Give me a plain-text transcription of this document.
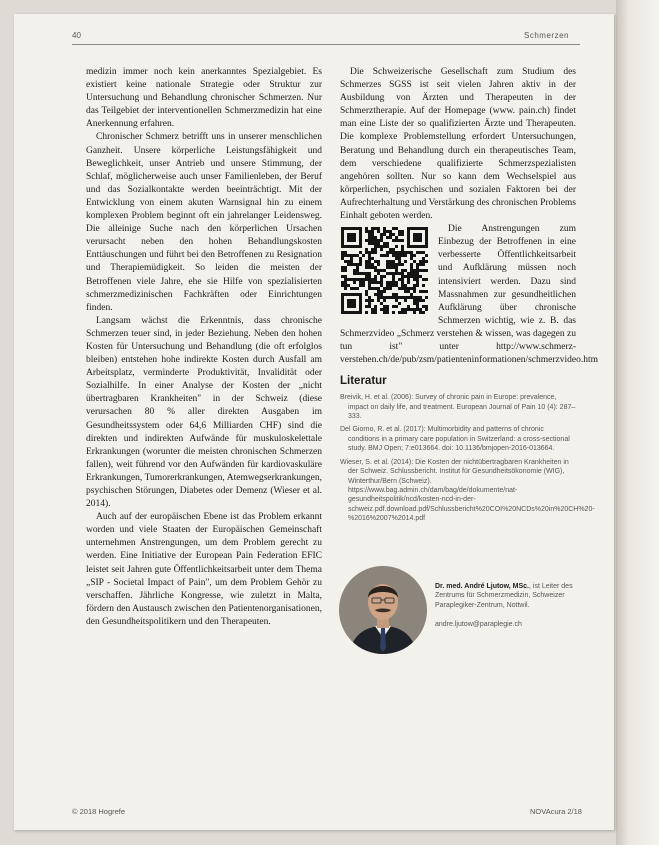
40	Schmerzen

medizin immer noch kein anerkanntes Spezialgebiet. Es existiert keine nationale Strategie oder Struktur zur Untersuchung und Behandlung chronischer Schmerzen. Nur das Teilgebiet der interventionellen Schmerzmedizin hat eine Anerkennung erfahren.

Chronischer Schmerz betrifft uns in unserer menschlichen Ganzheit. Unsere körperliche Leistungsfähigkeit und Beweglichkeit, unser Antrieb und unsere Stimmung, der Schlaf, möglicherweise auch unser Familienleben, der Beruf und das Sozialkontakte werden beeinträchtigt. Mit der Entwicklung von einem akuten Warnsignal hin zu einem komplexen Problem beginnt oft ein jahrelanger Leidensweg. Die alleinige Suche nach den körperlichen Ursachen verursacht neben den hohen Behandlungskosten Enttäuschungen und führt bei den Betroffenen zu Resignation und Therapiemüdigkeit. So leiden die meisten der Betroffenen viele Jahre, ehe sie Hilfe von spezialisierten schmerzmedizinischen Fachkräften oder Einrichtungen finden.

Langsam wächst die Erkenntnis, dass chronische Schmerzen teuer sind, in jeder Beziehung. Neben den hohen Kosten für Untersuchung und Behandlung (die oft erfolglos bleiben) entstehen hohe indirekte Kosten durch Ausfall am Arbeitsplatz, verminderte Produktivität, Invalidität oder Sozialhilfe. In einer Analyse der Kosten der „nicht übertragbaren Krankheiten" in der Schweiz (diese verursachen 80 % aller direkten Ausgaben im Gesundheitssystem oder 64,6 Milliarden CHF) sind die direkten und indirekten Aufwände für muskuloskelettale Erkrankungen (worunter die meisten chronischen Schmerzen fallen), weit führend vor den Aufwänden für kardiovaskuläre Erkrankungen, Tumorerkrankungen, Atemwegserkrankungen, psychischen Störungen, Diabetes oder Demenz (Wieser et al. 2014).

Auch auf der europäischen Ebene ist das Problem erkannt worden und viele Staaten der Europäischen Gemeinschaft unternehmen Anstrengungen, um dem Problem gerecht zu werden. Eine Initiative der European Pain Federation EFIC leistet seit Jahren gute Öffentlichkeitsarbeit unter dem Thema „SIP - Societal Impact of Pain", um dem Problem Gehör zu verschaffen. Jährliche Kongresse, wie zuletzt in Malta, fördern den Austausch zwischen den Patientenorganisationen, den Gesundheitspolitikern und den Therapeuten.

Die Schweizerische Gesellschaft zum Studium des Schmerzes SGSS ist seit vielen Jahren aktiv in der Ausbildung von Ärzten und Therapeuten in der Schmerztherapie. Auf der Homepage (www. pain.ch) findet man eine Liste der so qualifizierten Ärzte und Therapeuten. Die komplexe Problemstellung erfordert Untersuchungen, Beratung und Behandlung durch ein therapeutisches Team, dem verschiedene qualifizierte Schmerzspezialisten angehören sollten. Nur so kann dem Wechselspiel aus körperlichen, psychischen und sozialen Faktoren bei der Aufrechterhaltung und Verstärkung des chronischen Problems Einhalt geboten werden.

Die Anstrengungen zum Einbezug der Betroffenen in eine verbesserte Öffentlichkeitsarbeit und Aufklärung müssen noch intensiviert werden. Dazu sind Massnahmen zur gesundheitlichen Aufklärung über chronische Schmerzen wichtig, wie z. B. das Schmerzvideo „Schmerz verstehen & wissen, was dagegen zu tun ist" unter http://www.schmerz-verstehen.ch/de/pub/zsm/patienteninformationen/schmerzvideo.htm

Literatur
Breivik, H. et al. (2006): Survey of chronic pain in Europe: prevalence, impact on daily life, and treatment. European Journal of Pain 10 (4): 287–333.
Del Giorno, R. et al. (2017): Multimorbidity and patterns of chronic conditions in a primary care population in Switzerland: a cross-sectional study. BMJ Open; 7:e013664. doi: 10.1136/bmjopen-2016-013664.
Wieser, S. et al. (2014): Die Kosten der nichtübertragbaren Krankheiten in der Schweiz. Schlussbericht. Institut für Gesundheitsökonomie (WIG), Winterthur/Bern (Schweiz). https://www.bag.admin.ch/dam/bag/de/dokumente/nat-gesundheitspolitik/ncd/kosten-ncd-in-der-schweiz.pdf.download.pdf/Schlussbericht%20COI%20NCDs%20in%20CH%20-%2016%2007%2014.pdf
Dr. med. André Ljutow, MSc., ist Leiter des Zentrums für Schmerzmedizin, Schweizer Paraplegiker-Zentrum, Nottwil.
andre.ljutow@paraplegie.ch
© 2018 Hogrefe	NOVAcura 2/18
